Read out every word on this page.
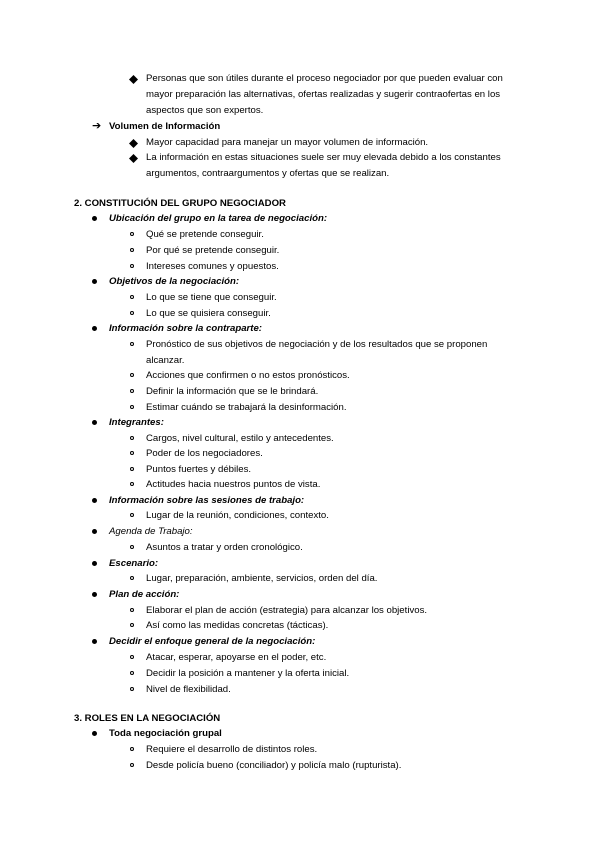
Personas que son útiles durante el proceso negociador por que pueden evaluar con
mayor preparación las alternativas, ofertas realizadas y sugerir contraofertas en los
aspectos que son expertos.
➔ Volumen de Información
Mayor capacidad para manejar un mayor volumen de información.
La información en estas situaciones suele ser muy elevada debido a los constantes
argumentos, contraargumentos y ofertas que se realizan.
2. CONSTITUCIÓN DEL GRUPO NEGOCIADOR
Ubicación del grupo en la tarea de negociación:
Qué se pretende conseguir.
Por qué se pretende conseguir.
Intereses comunes y opuestos.
Objetivos de la negociación:
Lo que se tiene que conseguir.
Lo que se quisiera conseguir.
Información sobre la contraparte:
Pronóstico de sus objetivos de negociación y de los resultados que se proponen
alcanzar.
Acciones que confirmen o no estos pronósticos.
Definir la información que se le brindará.
Estimar cuándo se trabajará la desinformación.
Integrantes:
Cargos, nivel cultural, estilo y antecedentes.
Poder de los negociadores.
Puntos fuertes y débiles.
Actitudes hacia nuestros puntos de vista.
Información sobre las sesiones de trabajo:
Lugar de la reunión, condiciones, contexto.
Agenda de Trabajo:
Asuntos a tratar y orden cronológico.
Escenario:
Lugar, preparación, ambiente, servicios, orden del día.
Plan de acción:
Elaborar el plan de acción (estrategia) para alcanzar los objetivos.
Así como las medidas concretas (tácticas).
Decidir el enfoque general de la negociación:
Atacar, esperar, apoyarse en el poder, etc.
Decidir la posición a mantener y la oferta inicial.
Nivel de flexibilidad.
3. ROLES EN LA NEGOCIACIÓN
Toda negociación grupal
Requiere el desarrollo de distintos roles.
Desde policía bueno (conciliador) y policía malo (rupturista).
